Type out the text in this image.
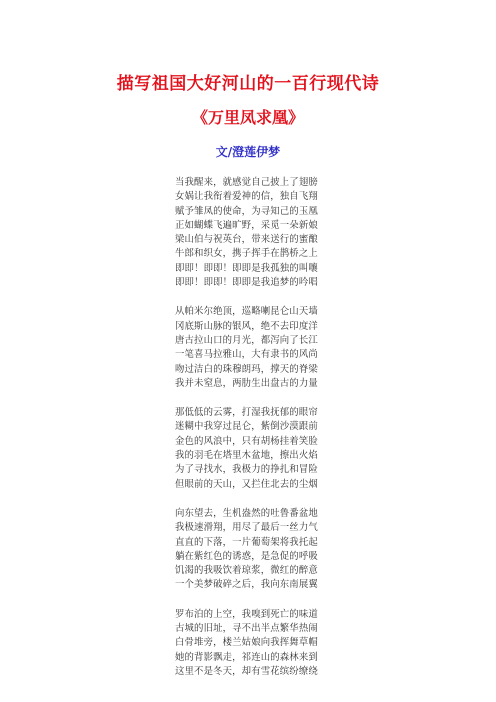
描写祖国大好河山的一百行现代诗
《万里凤求凰》
文/澄莲伊梦
当我醒来，就感觉自己披上了翅膀
女娲让我衔着爱神的信，独自飞翔
赋予雏凤的使命，为寻知己的玉凰
正如蝴蝶飞遍旷野，采觅一朵新娘
梁山伯与祝英台，带来送行的蜜酿
牛郎和织女，携子挥手在鹊桥之上
即即！即即！即即是我孤独的叫嚷
即即！即即！即即是我追梦的吟唱
从帕米尔绝顶，巡略喇昆仑山天墙
冈底斯山脉的银风，绝不去印度洋
唐古拉山口的月光，都泻向了长江
一笔喜马拉雅山，大有隶书的风尚
吻过洁白的珠穆朗玛，撑天的脊梁
我并未窒息，两肋生出盘古的力量
那低低的云雾，打湿我抚郁的眼帘
迷糊中我穿过昆仑，紫倒沙漠跟前
金色的风浪中，只有胡杨挂着笑脸
我的羽毛在塔里木盆地，擦出火焰
为了寻找水，我极力的挣扎和冒险
但眼前的天山，又拦住北去的尘烟
向东望去，生机盎然的吐鲁番盆地
我极速滑翔，用尽了最后一丝力气
直直的下落，一片葡萄架将我托起
躺在紫红色的诱惑，是急促的呼吸
饥渴的我吸饮着琼浆，微红的醉意
一个美梦破碎之后，我向东南展翼
罗布泊的上空，我嗅到死亡的味道
古城的旧址，寻不出半点繁华热闹
白骨堆旁，楼兰姑娘向我挥舞草帽
她的背影飘走，祁连山的森林来到
这里不是冬天，却有雪花缤纷缭绕
